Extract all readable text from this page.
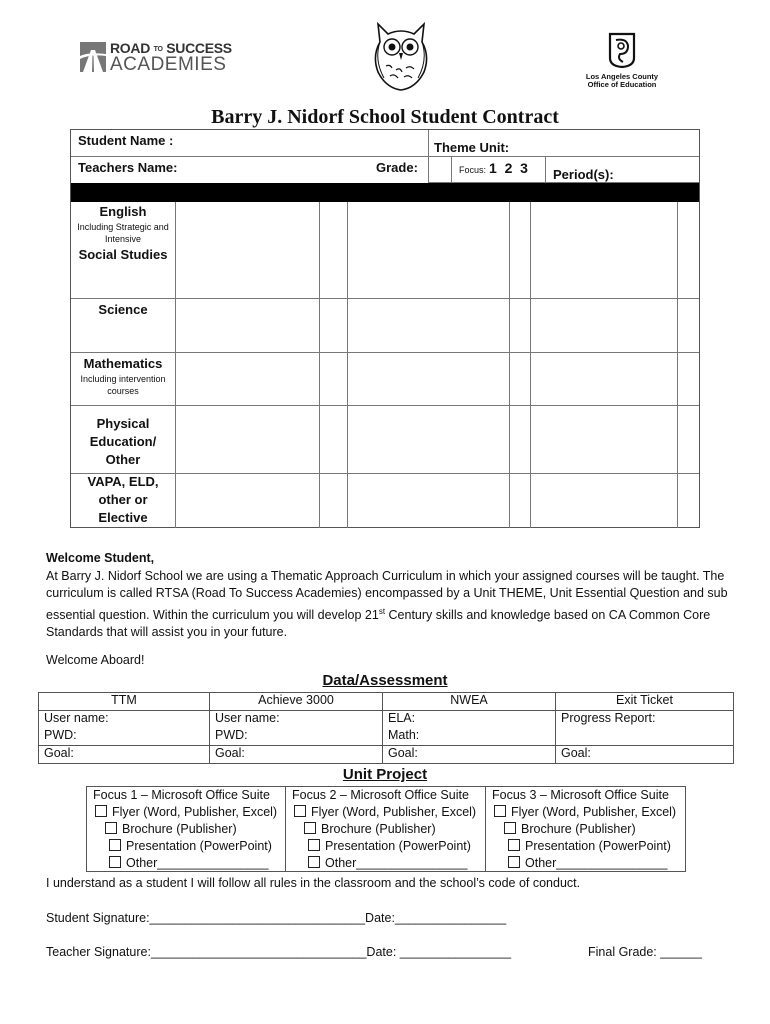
ROAD TO SUCCESS
ACADEMIES
Los Angeles County
Office of Education
Barry J. Nidorf School Student Contract
Student Name :	Theme Unit:
Teachers Name:	Grade:	Focus: 1  2  3 Period(s):
English
Including Strategic and Intensive
Social Studies
Science
Mathematics
Including intervention courses
Physical Education/ Other
VAPA, ELD, other or Elective
Welcome Student,
At Barry J. Nidorf School we are using a Thematic Approach Curriculum in which your assigned courses will be taught. The curriculum is called RTSA (Road To Success Academies) encompassed by a Unit THEME, Unit Essential Question and sub essential question. Within the curriculum you will develop 21st Century skills and knowledge based on CA Common Core Standards that will assist you in your future.
Welcome Aboard!
Data/Assessment
TTM	Achieve 3000	NWEA	Exit Ticket
User name:	User name:	ELA:	Progress Report:
PWD:	PWD:	Math:	
Goal:	Goal:	Goal:	Goal:
Unit Project
Focus 1 – Microsoft Office Suite
Flyer (Word, Publisher, Excel)
Brochure (Publisher)
Presentation (PowerPoint)
Other________________
Focus 2 – Microsoft Office Suite
Flyer (Word, Publisher, Excel)
Brochure (Publisher)
Presentation (PowerPoint)
Other________________
Focus 3 – Microsoft Office Suite
Flyer (Word, Publisher, Excel)
Brochure (Publisher)
Presentation (PowerPoint)
Other________________
I understand as a student I will follow all rules in the classroom and the school’s code of conduct.
Student Signature:_______________________________Date:________________
Teacher Signature:_______________________________Date: ________________	Final Grade: ______
